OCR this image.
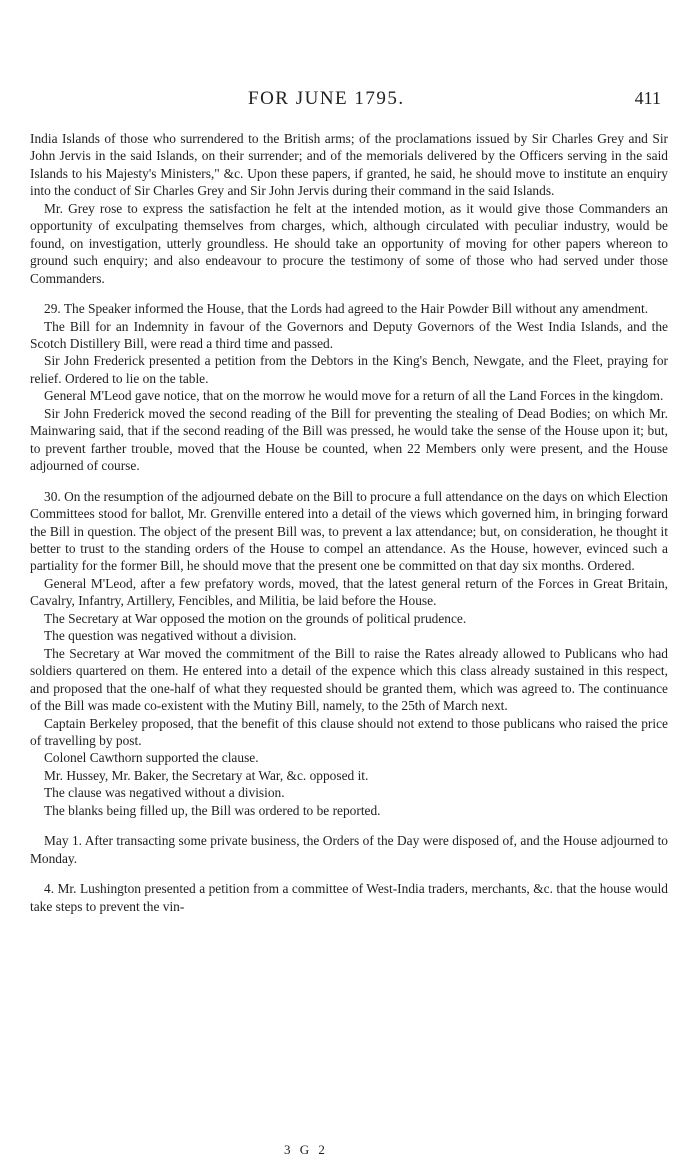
FOR JUNE 1795.	411

India Islands of those who surrendered to the British arms; of the proclamations issued by Sir Charles Grey and Sir John Jervis in the said Islands, on their surrender; and of the memorials delivered by the Officers serving in the said Islands to his Majesty's Ministers," &c. Upon these papers, if granted, he said, he should move to institute an enquiry into the conduct of Sir Charles Grey and Sir John Jervis during their command in the said Islands.

Mr. Grey rose to express the satisfaction he felt at the intended motion, as it would give those Commanders an opportunity of exculpating themselves from charges, which, although circulated with peculiar industry, would be found, on investigation, utterly groundless. He should take an opportunity of moving for other papers whereon to ground such enquiry; and also endeavour to procure the testimony of some of those who had served under those Commanders.

29. The Speaker informed the House, that the Lords had agreed to the Hair Powder Bill without any amendment.

The Bill for an Indemnity in favour of the Governors and Deputy Governors of the West India Islands, and the Scotch Distillery Bill, were read a third time and passed.

Sir John Frederick presented a petition from the Debtors in the King's Bench, Newgate, and the Fleet, praying for relief. Ordered to lie on the table.

General M'Leod gave notice, that on the morrow he would move for a return of all the Land Forces in the kingdom.

Sir John Frederick moved the second reading of the Bill for preventing the stealing of Dead Bodies; on which Mr. Mainwaring said, that if the second reading of the Bill was pressed, he would take the sense of the House upon it; but, to prevent farther trouble, moved that the House be counted, when 22 Members only were present, and the House adjourned of course.

30. On the resumption of the adjourned debate on the Bill to procure a full attendance on the days on which Election Committees stood for ballot, Mr. Grenville entered into a detail of the views which governed him, in bringing forward the Bill in question. The object of the present Bill was, to prevent a lax attendance; but, on consideration, he thought it better to trust to the standing orders of the House to compel an attendance. As the House, however, evinced such a partiality for the former Bill, he should move that the present one be committed on that day six months. Ordered.

General M'Leod, after a few prefatory words, moved, that the latest general return of the Forces in Great Britain, Cavalry, Infantry, Artillery, Fencibles, and Militia, be laid before the House.

The Secretary at War opposed the motion on the grounds of political prudence.

The question was negatived without a division.

The Secretary at War moved the commitment of the Bill to raise the Rates already allowed to Publicans who had soldiers quartered on them. He entered into a detail of the expence which this class already sustained in this respect, and proposed that the one-half of what they requested should be granted them, which was agreed to. The continuance of the Bill was made co-existent with the Mutiny Bill, namely, to the 25th of March next.

Captain Berkeley proposed, that the benefit of this clause should not extend to those publicans who raised the price of travelling by post.

Colonel Cawthorn supported the clause.

Mr. Hussey, Mr. Baker, the Secretary at War, &c. opposed it.

The clause was negatived without a division.

The blanks being filled up, the Bill was ordered to be reported.

May 1. After transacting some private business, the Orders of the Day were disposed of, and the House adjourned to Monday.

4. Mr. Lushington presented a petition from a committee of West-India traders, merchants, &c. that the house would take steps to prevent the vin-

3 G 2
